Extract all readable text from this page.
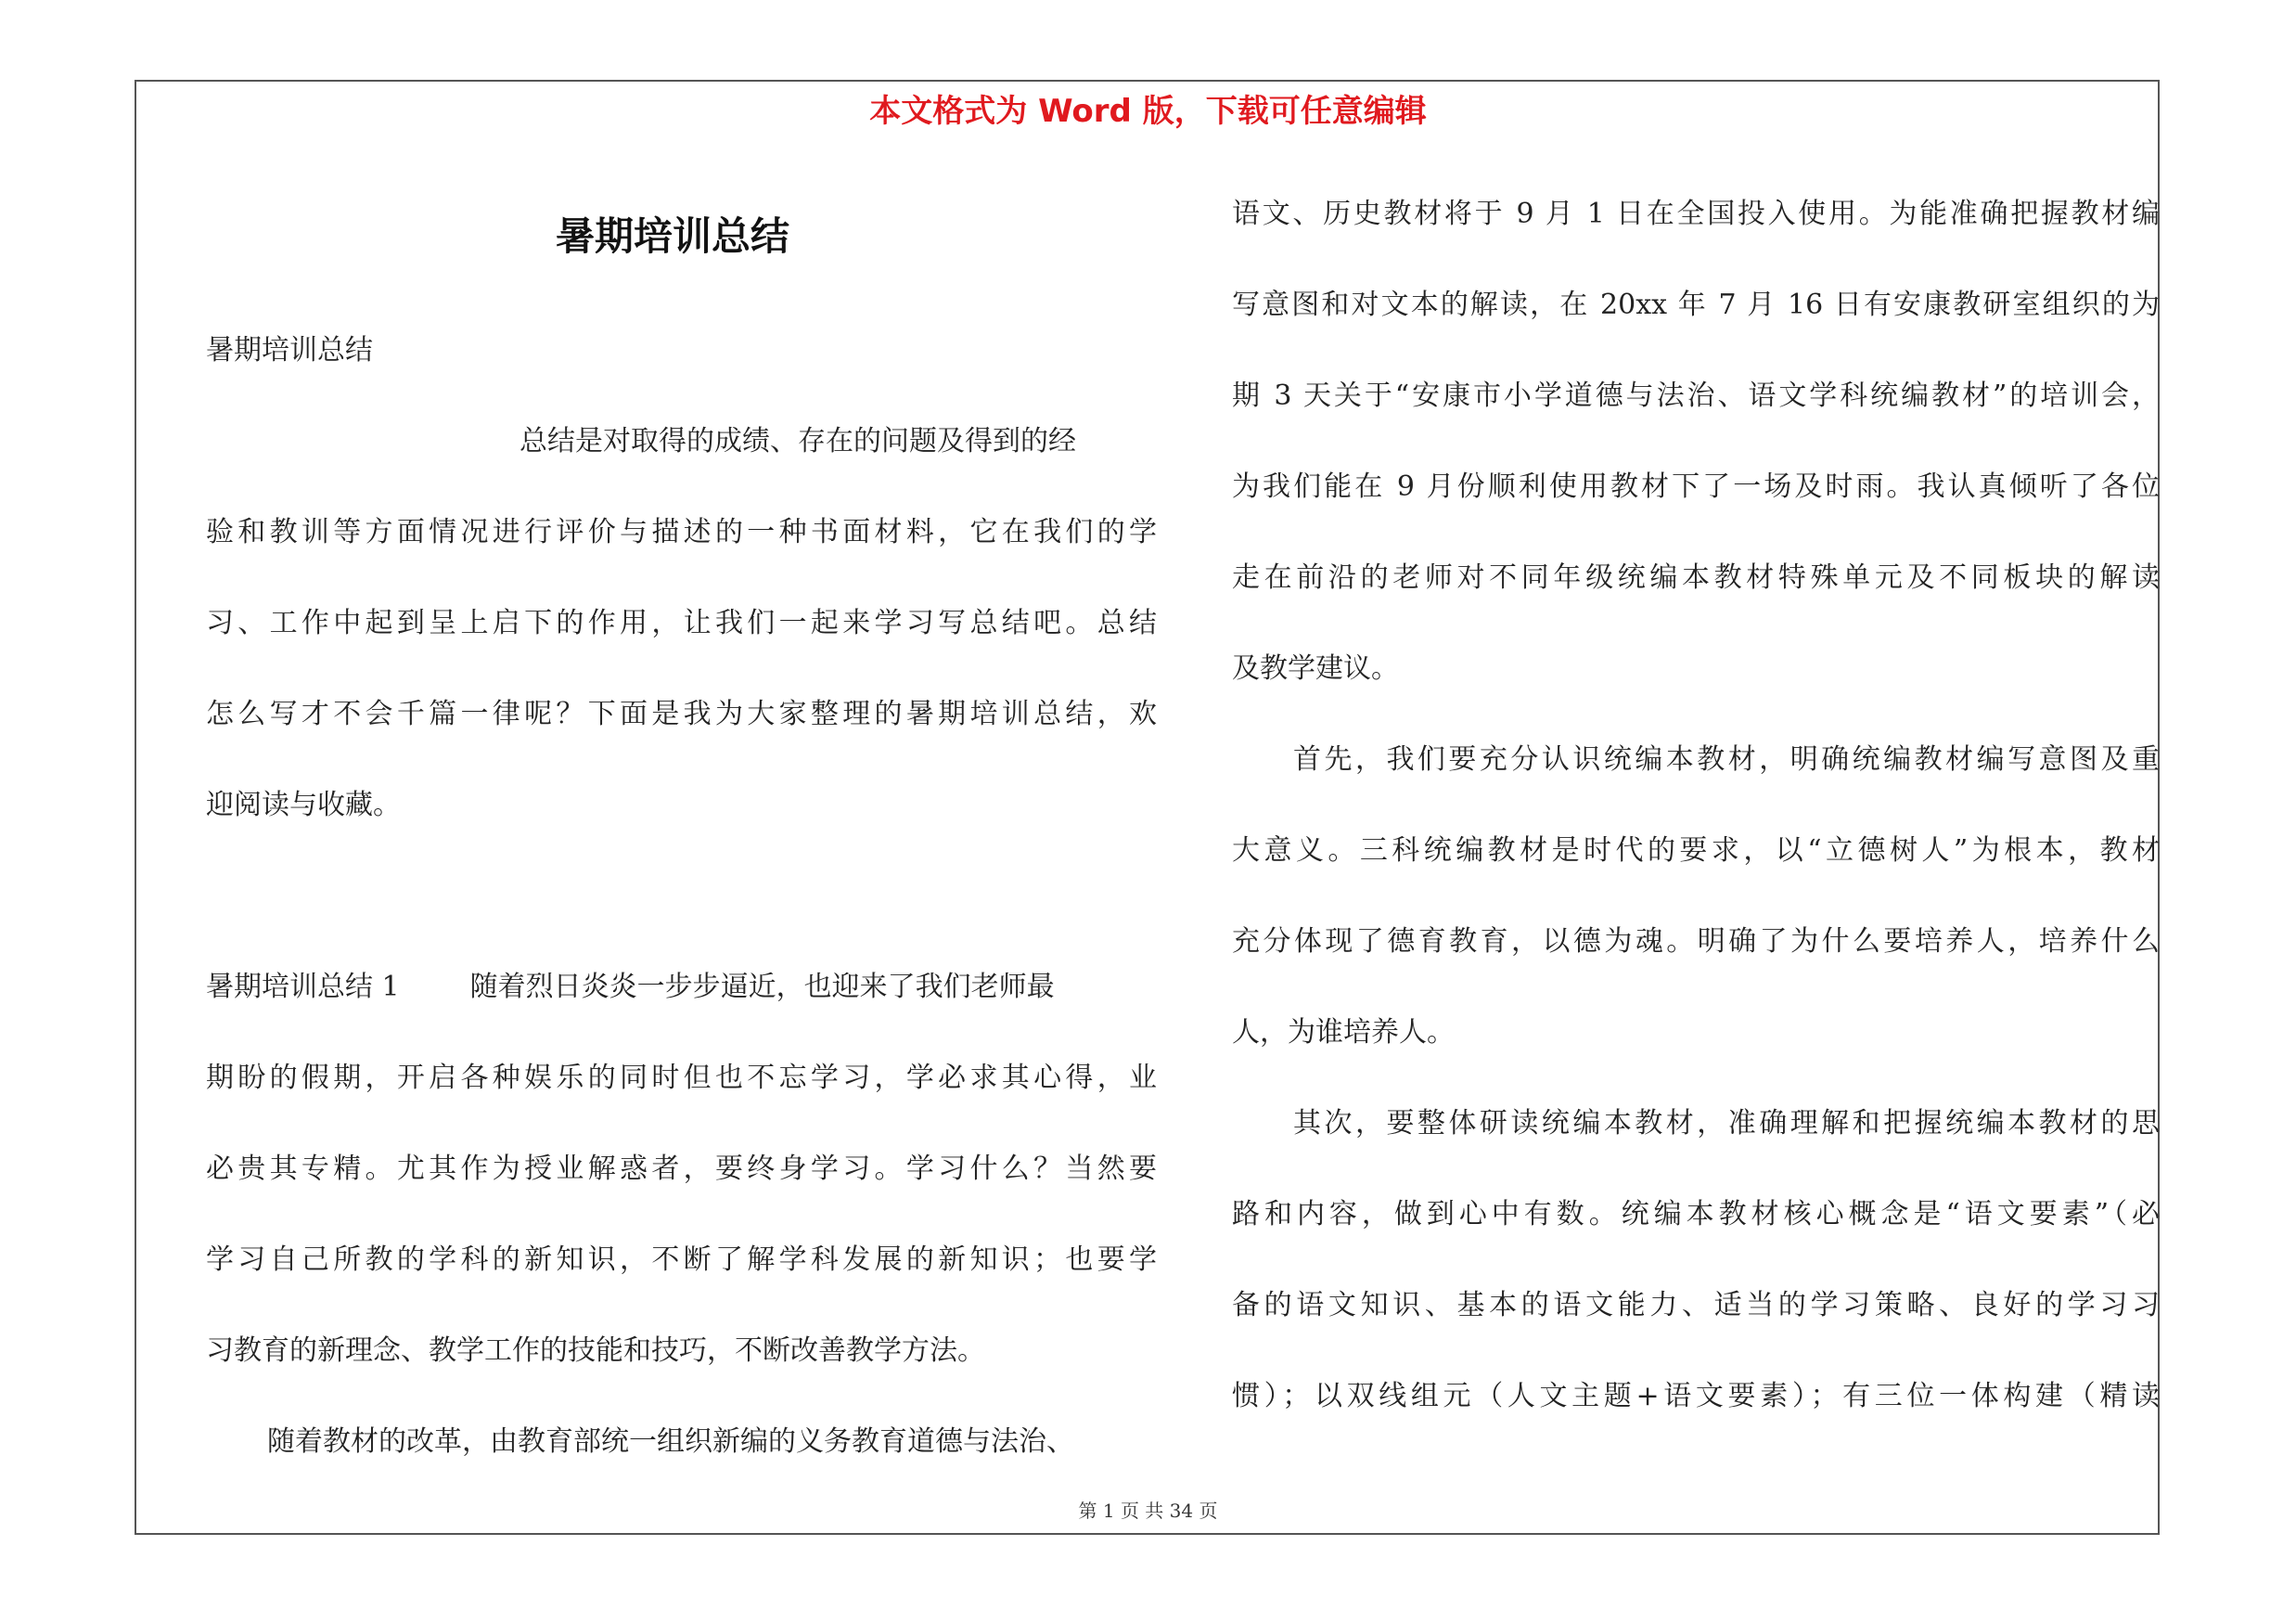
本文格式为 Word 版，下载可任意编辑
暑期培训总结
暑期培训总结
总结是对取得的成绩、存在的问题及得到的经
验和教训等方面情况进行评价与描述的一种书面材料，它在我们的学
习、工作中起到呈上启下的作用，让我们一起来学习写总结吧。总结
怎么写才不会千篇一律呢？下面是我为大家整理的暑期培训总结，欢
迎阅读与收藏。
暑期培训总结 1	随着烈日炎炎一步步逼近，也迎来了我们老师最
期盼的假期，开启各种娱乐的同时但也不忘学习，学必求其心得，业
必贵其专精。尤其作为授业解惑者，要终身学习。学习什么？当然要
学习自己所教的学科的新知识，不断了解学科发展的新知识；也要学
习教育的新理念、教学工作的技能和技巧，不断改善教学方法。
随着教材的改革，由教育部统一组织新编的义务教育道德与法治、
语文、历史教材将于 9 月 1 日在全国投入使用。为能准确把握教材编
写意图和对文本的解读，在 20xx 年 7 月 16 日有安康教研室组织的为
期 3 天关于“安康市小学道德与法治、语文学科统编教材”的培训会，
为我们能在 9 月份顺利使用教材下了一场及时雨。我认真倾听了各位
走在前沿的老师对不同年级统编本教材特殊单元及不同板块的解读
及教学建议。
首先，我们要充分认识统编本教材，明确统编教材编写意图及重
大意义。三科统编教材是时代的要求，以“立德树人”为根本，教材
充分体现了德育教育，以德为魂。明确了为什么要培养人，培养什么
人，为谁培养人。
其次，要整体研读统编本教材，准确理解和把握统编本教材的思
路和内容，做到心中有数。统编本教材核心概念是“语文要素”（必
备的语文知识、基本的语文能力、适当的学习策略、良好的学习习
惯）；以双线组元（人文主题+语文要素）；有三位一体构建（精读
第 1 页 共 34 页
